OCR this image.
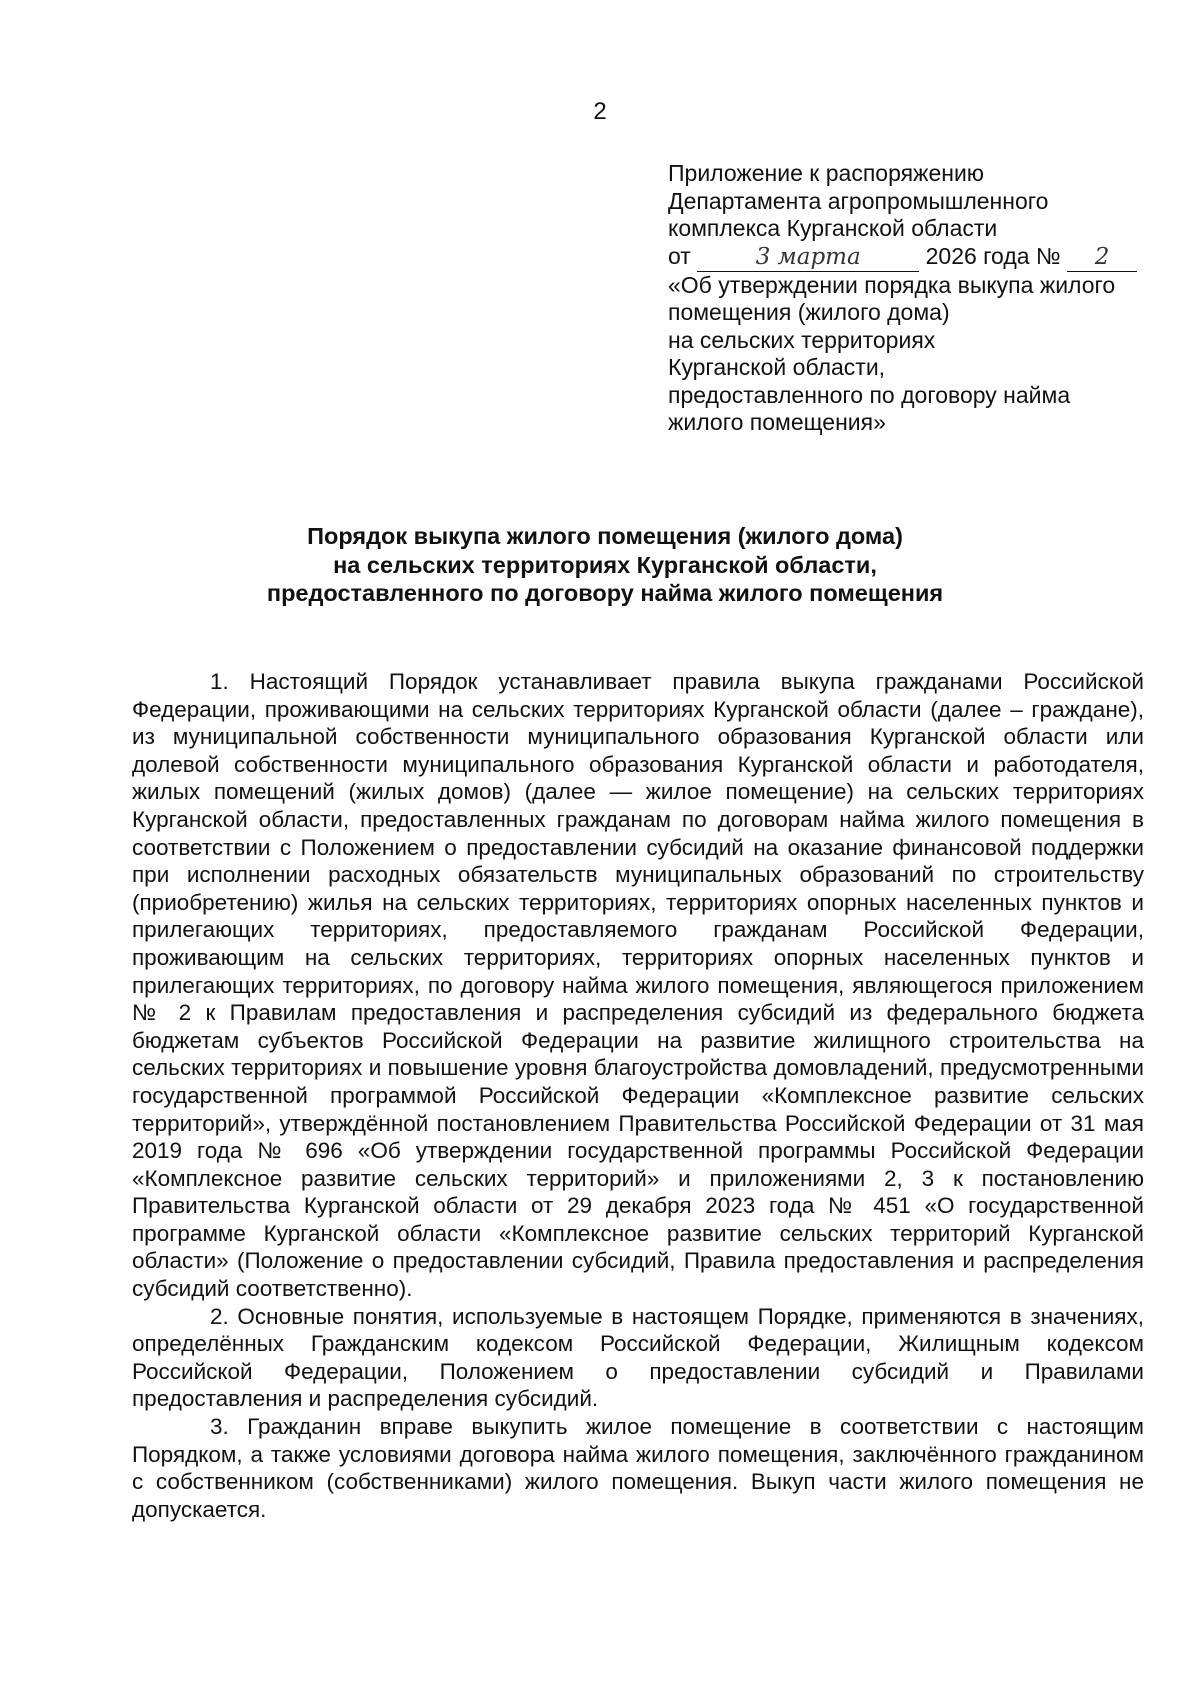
2
Приложение к распоряжению
Департамента агропромышленного
комплекса Курганской области
от	3 марта	2026 года № 2
«Об утверждении порядка выкупа жилого
помещения (жилого дома)
на сельских территориях
Курганской области,
предоставленного по договору найма
жилого помещения»
Порядок выкупа жилого помещения (жилого дома)
на сельских территориях Курганской области,
предоставленного по договору найма жилого помещения

1. Настоящий Порядок устанавливает правила выкупа гражданами Российской Федерации, проживающими на сельских территориях Курганской области (далее – граждане), из муниципальной собственности муниципального образования Курганской области или долевой собственности муниципального образования Курганской области и работодателя, жилых помещений (жилых домов) (далее — жилое помещение) на сельских территориях Курганской области, предоставленных гражданам по договорам найма жилого помещения в соответствии с Положением о предоставлении субсидий на оказание финансовой поддержки при исполнении расходных обязательств муниципальных образований по строительству (приобретению) жилья на сельских территориях, территориях опорных населенных пунктов и прилегающих территориях, предоставляемого гражданам Российской Федерации, проживающим на сельских территориях, территориях опорных населенных пунктов и прилегающих территориях, по договору найма жилого помещения, являющегося приложением № 2 к Правилам предоставления и распределения субсидий из федерального бюджета бюджетам субъектов Российской Федерации на развитие жилищного строительства на сельских территориях и повышение уровня благоустройства домовладений, предусмотренными государственной программой Российской Федерации «Комплексное развитие сельских территорий», утверждённой постановлением Правительства Российской Федерации от 31 мая 2019 года № 696 «Об утверждении государственной программы Российской Федерации «Комплексное развитие сельских территорий» и приложениями 2, 3 к постановлению Правительства Курганской области от 29 декабря 2023 года № 451 «О государственной программе Курганской области «Комплексное развитие сельских территорий Курганской области» (Положение о предоставлении субсидий, Правила предоставления и распределения субсидий соответственно).

2. Основные понятия, используемые в настоящем Порядке, применяются в значениях, определённых Гражданским кодексом Российской Федерации, Жилищным кодексом Российской Федерации, Положением о предоставлении субсидий и Правилами предоставления и распределения субсидий.

3. Гражданин вправе выкупить жилое помещение в соответствии с настоящим Порядком, а также условиями договора найма жилого помещения, заключённого гражданином с собственником (собственниками) жилого помещения. Выкуп части жилого помещения не допускается.
